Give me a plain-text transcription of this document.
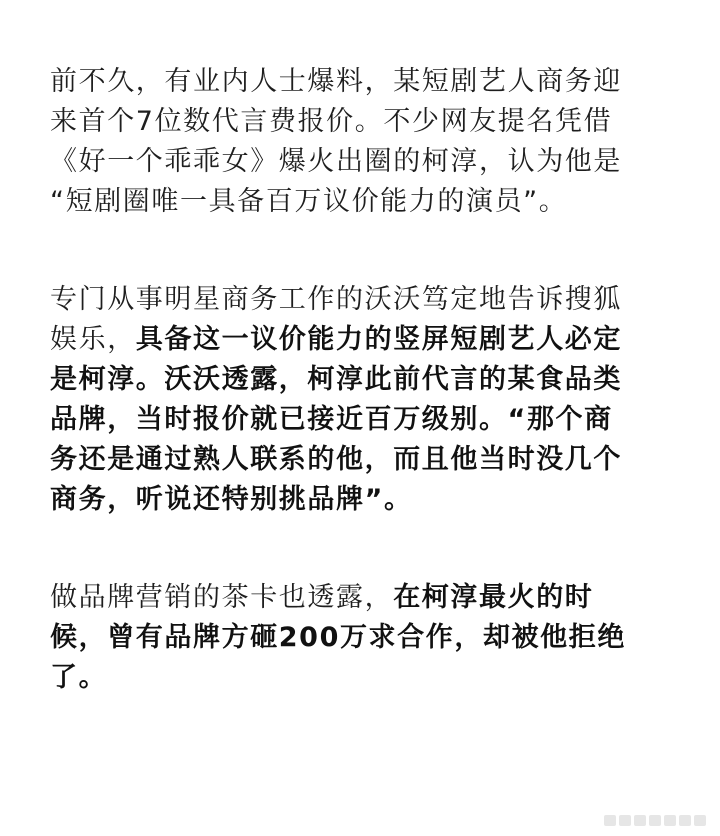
前不久，有业内人士爆料，某短剧艺人商务迎
来首个7位数代言费报价。不少网友提名凭借
《好一个乖乖女》爆火出圈的柯淳，认为他是
“短剧圈唯一具备百万议价能力的演员”。

专门从事明星商务工作的沃沃笃定地告诉搜狐
娱乐，具备这一议价能力的竖屏短剧艺人必定
是柯淳。沃沃透露，柯淳此前代言的某食品类
品牌，当时报价就已接近百万级别。“那个商
务还是通过熟人联系的他，而且他当时没几个
商务，听说还特别挑品牌”。

做品牌营销的茶卡也透露，在柯淳最火的时
候，曾有品牌方砸200万求合作，却被他拒绝
了。
